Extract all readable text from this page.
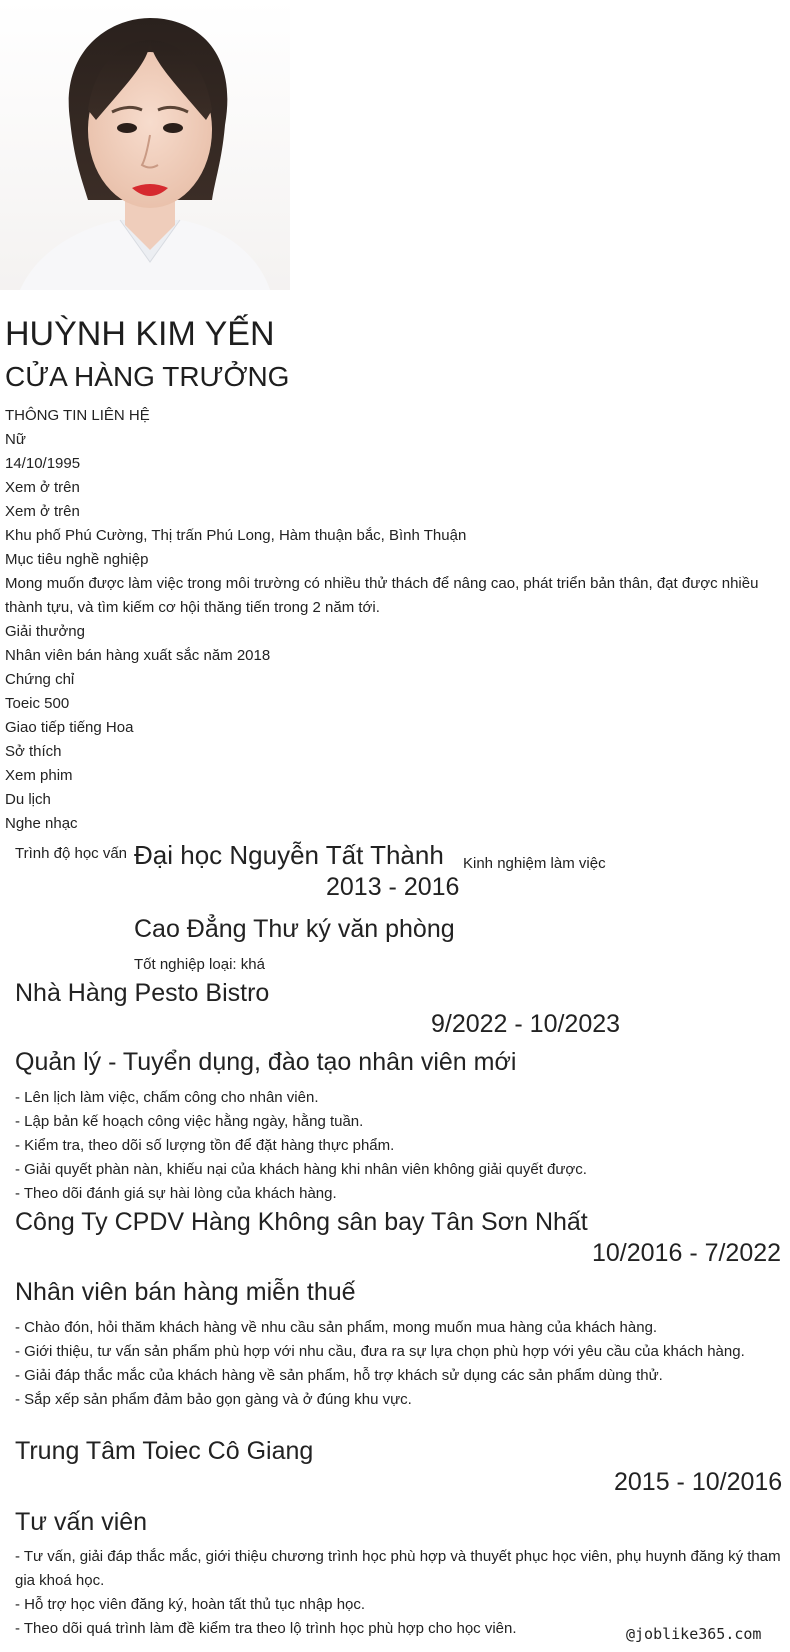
HUỲNH KIM YẾN
CỬA HÀNG TRƯỞNG
THÔNG TIN LIÊN HỆ
Nữ
14/10/1995
Xem ở trên
Xem ở trên
Khu phố Phú Cường, Thị trấn Phú Long, Hàm thuận bắc, Bình Thuận
Mục tiêu nghề nghiệp
Mong muốn được làm việc trong môi trường có nhiều thử thách để nâng cao, phát triển bản thân, đạt được nhiều thành tựu, và tìm kiếm cơ hội thăng tiến trong 2 năm tới.
Giải thưởng
Nhân viên bán hàng xuất sắc năm 2018
Chứng chỉ
Toeic 500
Giao tiếp tiếng Hoa
Sở thích
Xem phim
Du lịch
Nghe nhạc
Trình độ học vấn Đại học Nguyễn Tất Thành
2013 - 2016
Cao Đẳng Thư ký văn phòng
Tốt nghiệp loại: khá
Kinh nghiệm làm việc
Nhà Hàng Pesto Bistro
9/2022 - 10/2023
Quản lý - Tuyển dụng, đào tạo nhân viên mới
- Lên lịch làm việc, chấm công cho nhân viên.
- Lập bản kế hoạch công việc hằng ngày, hằng tuần.
- Kiểm tra, theo dõi số lượng tồn để đặt hàng thực phẩm.
- Giải quyết phàn nàn, khiếu nại của khách hàng khi nhân viên không giải quyết được.
- Theo dõi đánh giá sự hài lòng của khách hàng.
Công Ty CPDV Hàng Không sân bay Tân Sơn Nhất
10/2016 - 7/2022
Nhân viên bán hàng miễn thuế
- Chào đón, hỏi thăm khách hàng về nhu cầu sản phẩm, mong muốn mua hàng của khách hàng.
- Giới thiệu, tư vấn sản phẩm phù hợp với nhu cầu, đưa ra sự lựa chọn phù hợp với yêu cầu của khách hàng.
- Giải đáp thắc mắc của khách hàng về sản phẩm, hỗ trợ khách sử dụng các sản phẩm dùng thử.
- Sắp xếp sản phẩm đảm bảo gọn gàng và ở đúng khu vực.
Trung Tâm Toiec Cô Giang
2015 - 10/2016
Tư vấn viên
- Tư vấn, giải đáp thắc mắc, giới thiệu chương trình học phù hợp và thuyết phục học viên, phụ huynh đăng ký tham gia khoá học.
- Hỗ trợ học viên đăng ký, hoàn tất thủ tục nhập học.
- Theo dõi quá trình làm đề kiểm tra theo lộ trình học phù hợp cho học viên.	@joblike365.com
